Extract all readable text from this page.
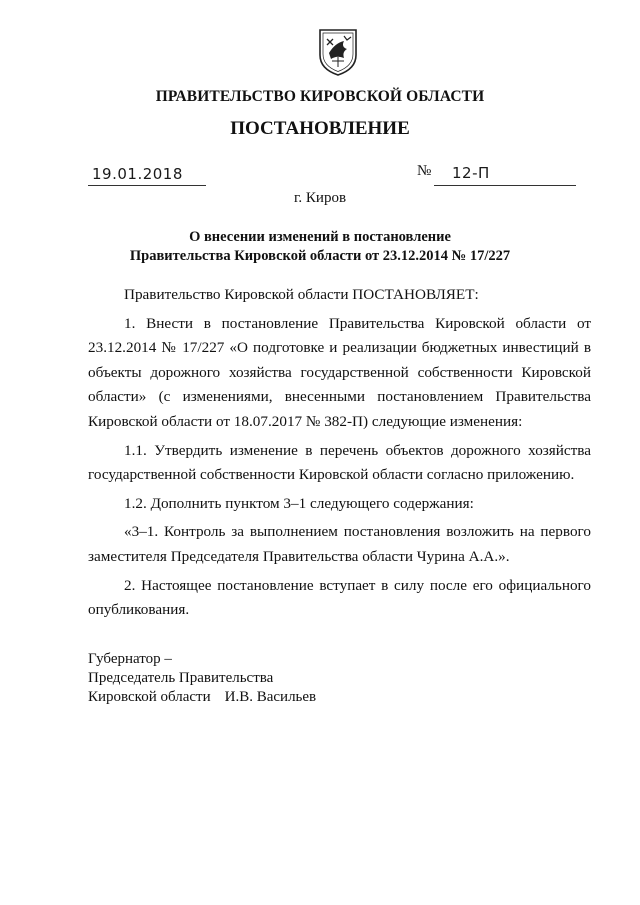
ПРАВИТЕЛЬСТВО КИРОВСКОЙ ОБЛАСТИ
ПОСТАНОВЛЕНИЕ
19.01.2018	№ 12-П
г. Киров
О внесении изменений в постановление
Правительства Кировской области от 23.12.2014 № 17/227

Правительство Кировской области ПОСТАНОВЛЯЕТ:

1. Внести в постановление Правительства Кировской области от 23.12.2014 № 17/227 «О подготовке и реализации бюджетных инвестиций в объекты дорожного хозяйства государственной собственности Кировской области» (с изменениями, внесенными постановлением Правительства Кировской области от 18.07.2017 № 382-П) следующие изменения:

1.1. Утвердить изменение в перечень объектов дорожного хозяйства государственной собственности Кировской области согласно приложению.

1.2. Дополнить пунктом 3–1 следующего содержания:

«3–1. Контроль за выполнением постановления возложить на первого заместителя Председателя Правительства области Чурина А.А.».

2. Настоящее постановление вступает в силу после его официального опубликования.

Губернатор –
Председатель Правительства
Кировской области И.В. Васильев
